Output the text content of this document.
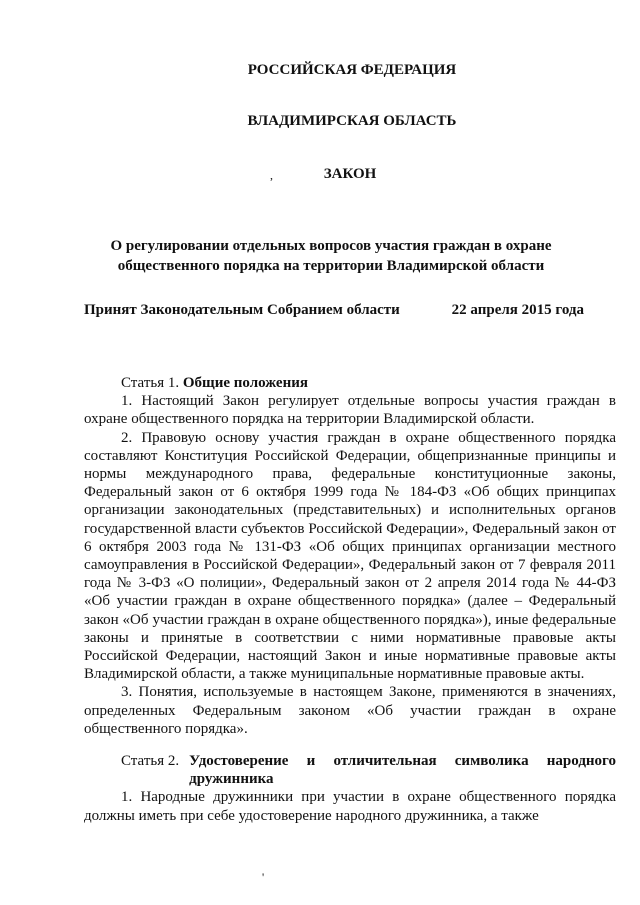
РОССИЙСКАЯ ФЕДЕРАЦИЯ
ВЛАДИМИРСКАЯ ОБЛАСТЬ
,	ЗАКОН
О регулировании отдельных вопросов участия граждан в охране
общественного порядка на территории Владимирской области
Принят Законодательным Собранием области	22 апреля 2015 года

Статья 1. Общие положения

1. Настоящий Закон регулирует отдельные вопросы участия граждан в охране общественного порядка на территории Владимирской области.

2. Правовую основу участия граждан в охране общественного порядка составляют Конституция Российской Федерации, общепризнанные принципы и нормы международного права, федеральные конституционные законы, Федеральный закон от 6 октября 1999 года № 184-ФЗ «Об общих принципах организации законодательных (представительных) и исполнительных органов государственной власти субъектов Российской Федерации», Федеральный закон от 6 октября 2003 года № 131-ФЗ «Об общих принципах организации местного самоуправления в Российской Федерации», Федеральный закон от 7 февраля 2011 года № 3-ФЗ «О полиции», Федеральный закон от 2 апреля 2014 года № 44-ФЗ «Об участии граждан в охране общественного порядка» (далее – Федеральный закон «Об участии граждан в охране общественного порядка»), иные федеральные законы и принятые в соответствии с ними нормативные правовые акты Российской Федерации, настоящий Закон и иные нормативные правовые акты Владимирской области, а также муниципальные нормативные правовые акты.

3. Понятия, используемые в настоящем Законе, применяются в значениях, определенных Федеральным законом «Об участии граждан в охране общественного порядка».

Статья 2. Удостоверение и отличительная символика народного дружинника

1. Народные дружинники при участии в охране общественного порядка должны иметь при себе удостоверение народного дружинника, а также

'
